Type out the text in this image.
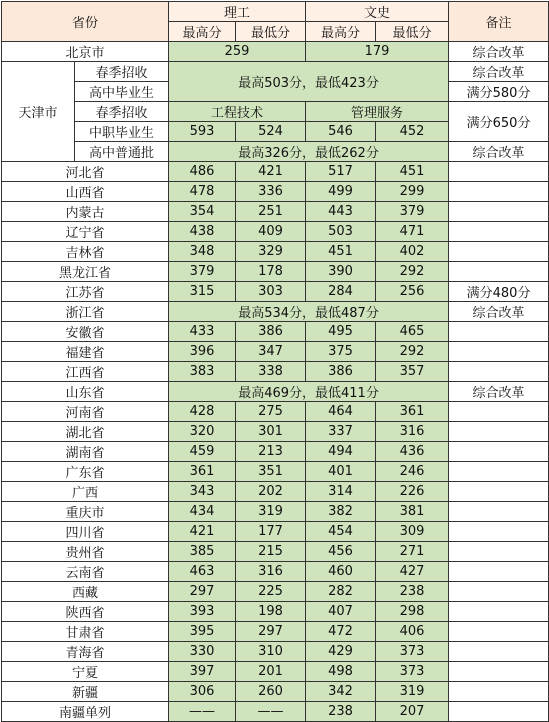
省份		理工		文史		备注
		最高分	最低分	最高分	最低分	
北京市		259		179		综合改革
天津市	春季招收	最高503分，最低423分				综合改革
	高中毕业生					满分580分
	春季招收	工程技术		管理服务		满分650分
	中职毕业生	593	524	546	452	
	高中普通批	最高326分，最低262分				综合改革
河北省		486	421	517	451	
山西省		478	336	499	299	
内蒙古		354	251	443	379	
辽宁省		438	409	503	471	
吉林省		348	329	451	402	
黑龙江省		379	178	390	292	
江苏省		315	303	284	256	满分480分
浙江省		最高534分，最低487分				综合改革
安徽省		433	386	495	465	
福建省		396	347	375	292	
江西省		383	338	386	357	
山东省		最高469分，最低411分				综合改革
河南省		428	275	464	361	
湖北省		320	301	337	316	
湖南省		459	213	494	436	
广东省		361	351	401	246	
广西		343	202	314	226	
重庆市		434	319	382	381	
四川省		421	177	454	309	
贵州省		385	215	456	271	
云南省		463	316	460	427	
西藏		297	225	282	238	
陕西省		393	198	407	298	
甘肃省		395	297	472	406	
青海省		330	310	429	373	
宁夏		397	201	498	373	
新疆		306	260	342	319	
南疆单列		——	——	238	207	
